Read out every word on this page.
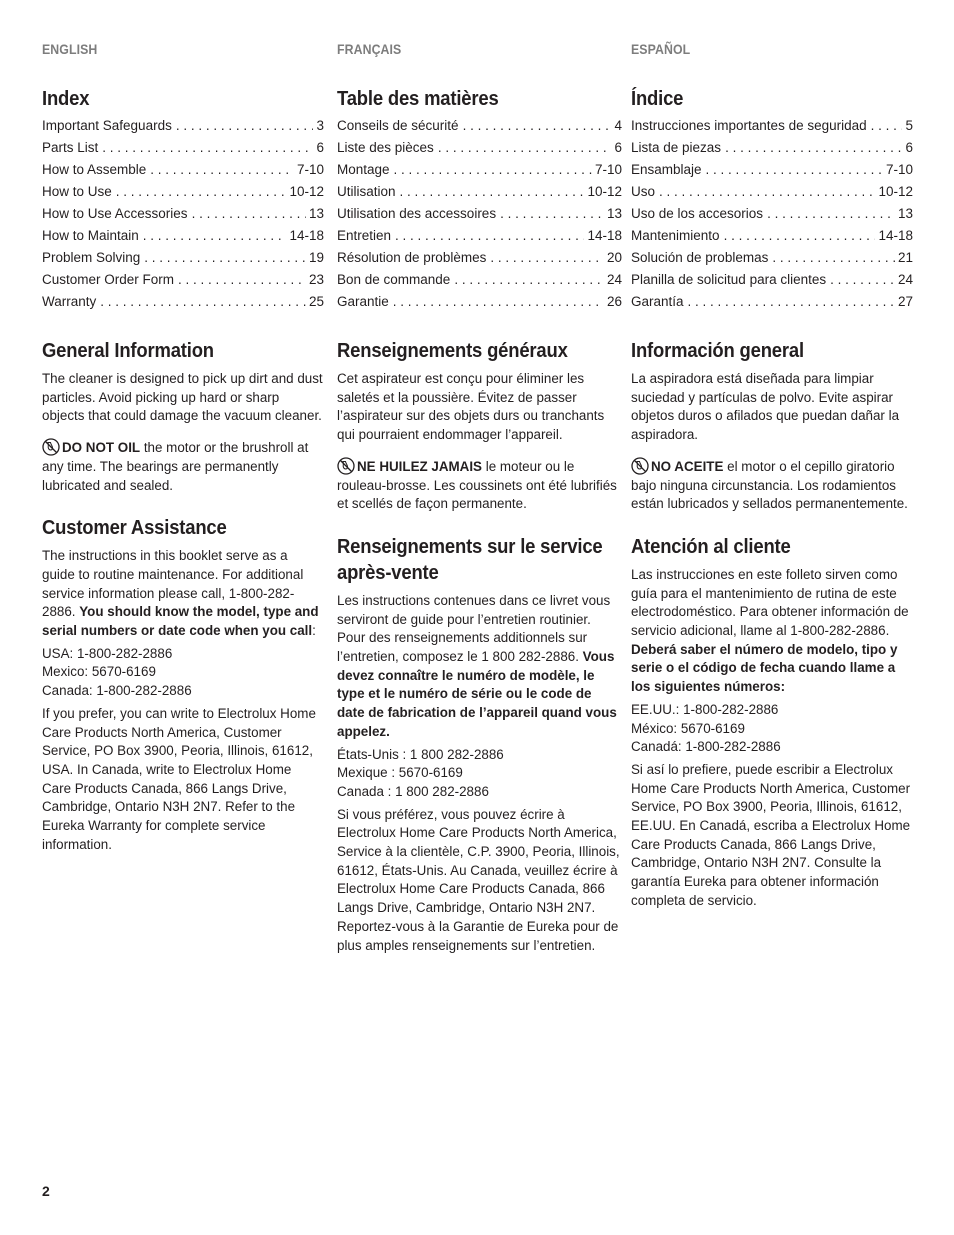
ENGLISH
Index
Important Safeguards . . .	3
Parts List . . .	6
How to Assemble . . .	7-10
How to Use . . .	10-12
How to Use Accessories . . .	13
How to Maintain . . .	14-18
Problem Solving . . .	19
Customer Order Form . . .	23
Warranty . . .	25
General Information

The cleaner is designed to pick up dirt and dust particles. Avoid picking up hard or sharp objects that could damage the vacuum cleaner.

DO NOT OIL the motor or the brushroll at any time. The bearings are permanently lubricated and sealed.

Customer Assistance

The instructions in this booklet serve as a guide to routine maintenance. For additional service information please call, 1-800-282-2886. You should know the model, type and serial numbers or date code when you call:

USA: 1-800-282-2886
Mexico: 5670-6169
Canada: 1-800-282-2886

If you prefer, you can write to Electrolux Home Care Products North America, Customer Service, PO Box 3900, Peoria, Illinois, 61612, USA. In Canada, write to Electrolux Home Care Products Canada, 866 Langs Drive, Cambridge, Ontario N3H 2N7. Refer to the Eureka Warranty for complete service information.

FRANÇAIS
Table des matières
Conseils de sécurité . . .	4
Liste des pièces . . .	6
Montage . . .	7-10
Utilisation . . .	10-12
Utilisation des accessoires . . .	13
Entretien . . .	14-18
Résolution de problèmes . . .	20
Bon de commande . . .	24
Garantie . . .	26
Renseignements généraux

Cet aspirateur est conçu pour éliminer les saletés et la poussière. Évitez de passer l’aspirateur sur des objets durs ou tranchants qui pourraient endommager l’appareil.

NE HUILEZ JAMAIS le moteur ou le rouleau-brosse. Les coussinets ont été lubrifiés et scellés de façon permanente.

Renseignements sur le service après-vente

Les instructions contenues dans ce livret vous serviront de guide pour l’entretien routinier. Pour des renseignements additionnels sur l’entretien, composez le 1 800 282-2886. Vous devez connaître le numéro de modèle, le type et le numéro de série ou le code de date de fabrication de l’appareil quand vous appelez.

États-Unis : 1 800 282-2886
Mexique : 5670-6169
Canada : 1 800 282-2886

Si vous préférez, vous pouvez écrire à Electrolux Home Care Products North America, Service à la clientèle, C.P. 3900, Peoria, Illinois, 61612, États-Unis. Au Canada, veuillez écrire à Electrolux Home Care Products Canada, 866 Langs Drive, Cambridge, Ontario N3H 2N7. Reportez-vous à la Garantie de Eureka pour de plus amples renseignements sur l’entretien.

ESPAÑOL
Índice
Instrucciones importantes de seguridad . . .	5
Lista de piezas . . .	6
Ensamblaje . . .	7-10
Uso . . .	10-12
Uso de los accesorios . . .	13
Mantenimiento . . .	14-18
Solución de problemas . . .	21
Planilla de solicitud para clientes . . .	24
Garantía . . .	27
Información general

La aspiradora está diseñada para limpiar suciedad y partículas de polvo. Evite aspirar objetos duros o afilados que puedan dañar la aspiradora.

NO ACEITE el motor o el cepillo giratorio bajo ninguna circunstancia. Los rodamientos están lubricados y sellados permanentemente.

Atención al cliente

Las instrucciones en este folleto sirven como guía para el mantenimiento de rutina de este electrodoméstico. Para obtener información de servicio adicional, llame al 1-800-282-2886. Deberá saber el número de modelo, tipo y serie o el código de fecha cuando llame a los siguientes números:

EE.UU.: 1-800-282-2886
México: 5670-6169
Canadá: 1-800-282-2886

Si así lo prefiere, puede escribir a Electrolux Home Care Products North America, Customer Service, PO Box 3900, Peoria, Illinois, 61612, EE.UU. En Canadá, escriba a Electrolux Home Care Products Canada, 866 Langs Drive, Cambridge, Ontario N3H 2N7. Consulte la garantía Eureka para obtener información completa de servicio.

2
